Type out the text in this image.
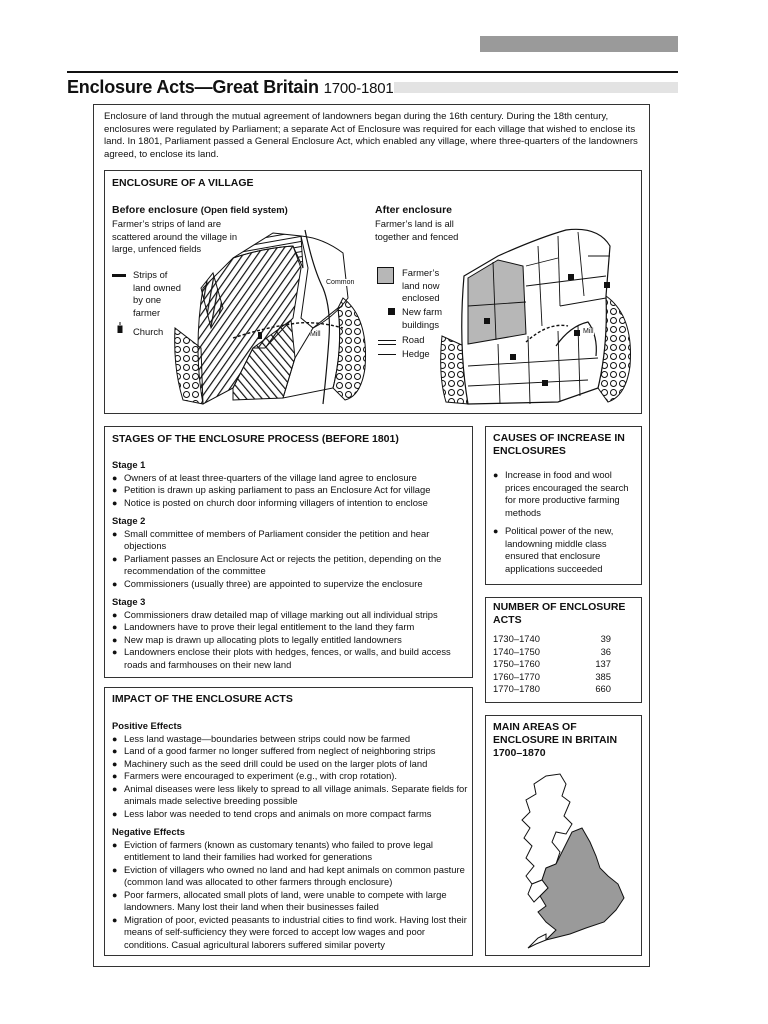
Enclosure Acts—Great Britain 1700-1801
Enclosure of land through the mutual agreement of landowners began during the 16th century. During the 18th century, enclosures were regulated by Parliament; a separate Act of Enclosure was required for each village that wished to enclose its land. In 1801, Parliament passed a General Enclosure Act, which enabled any village, where three-quarters of the landowners agreed, to enclose its land.
ENCLOSURE OF A VILLAGE
Before enclosure (Open field system)
Farmer’s strips of land are scattered around the village in large, unfenced fields
Strips of land owned by one farmer
Church
Common
Mill
After enclosure
Farmer’s land is all together and fenced
Farmer’s land now enclosed
New farm buildings
Road
Hedge
Mill
STAGES OF THE ENCLOSURE PROCESS (BEFORE 1801)
Stage 1
● Owners of at least three-quarters of the village land agree to enclosure
● Petition is drawn up asking parliament to pass an Enclosure Act for village
● Notice is posted on church door informing villagers of intention to enclose
Stage 2
● Small committee of members of Parliament consider the petition and hear objections
● Parliament passes an Enclosure Act or rejects the petition, depending on the recommendation of the committee
● Commissioners (usually three) are appointed to supervize the enclosure
Stage 3
● Commissioners draw detailed map of village marking out all individual strips
● Landowners have to prove their legal entitlement to the land they farm
● New map is drawn up allocating plots to legally entitled landowners
● Landowners enclose their plots with hedges, fences, or walls, and build access roads and farmhouses on their new land
CAUSES OF INCREASE IN ENCLOSURES
● Increase in food and wool prices encouraged the search for more productive farming methods
● Political power of the new, landowning middle class ensured that enclosure applications succeeded
NUMBER OF ENCLOSURE ACTS
1730–1740	39
1740–1750	36
1750–1760	137
1760–1770	385
1770–1780	660
IMPACT OF THE ENCLOSURE ACTS
Positive Effects
● Less land wastage—boundaries between strips could now be farmed
● Land of a good farmer no longer suffered from neglect of neighboring strips
● Machinery such as the seed drill could be used on the larger plots of land
● Farmers were encouraged to experiment (e.g., with crop rotation).
● Animal diseases were less likely to spread to all village animals. Separate fields for animals made selective breeding possible
● Less labor was needed to tend crops and animals on more compact farms
Negative Effects
● Eviction of farmers (known as customary tenants) who failed to prove legal entitlement to land their families had worked for generations
● Eviction of villagers who owned no land and had kept animals on common pasture (common land was allocated to other farmers through enclosure)
● Poor farmers, allocated small plots of land, were unable to compete with large landowners. Many lost their land when their businesses failed
● Migration of poor, evicted peasants to industrial cities to find work. Having lost their means of self-sufficiency they were forced to accept low wages and poor conditions. Casual agricultural laborers suffered similar poverty
MAIN AREAS OF ENCLOSURE IN BRITAIN 1700–1870
